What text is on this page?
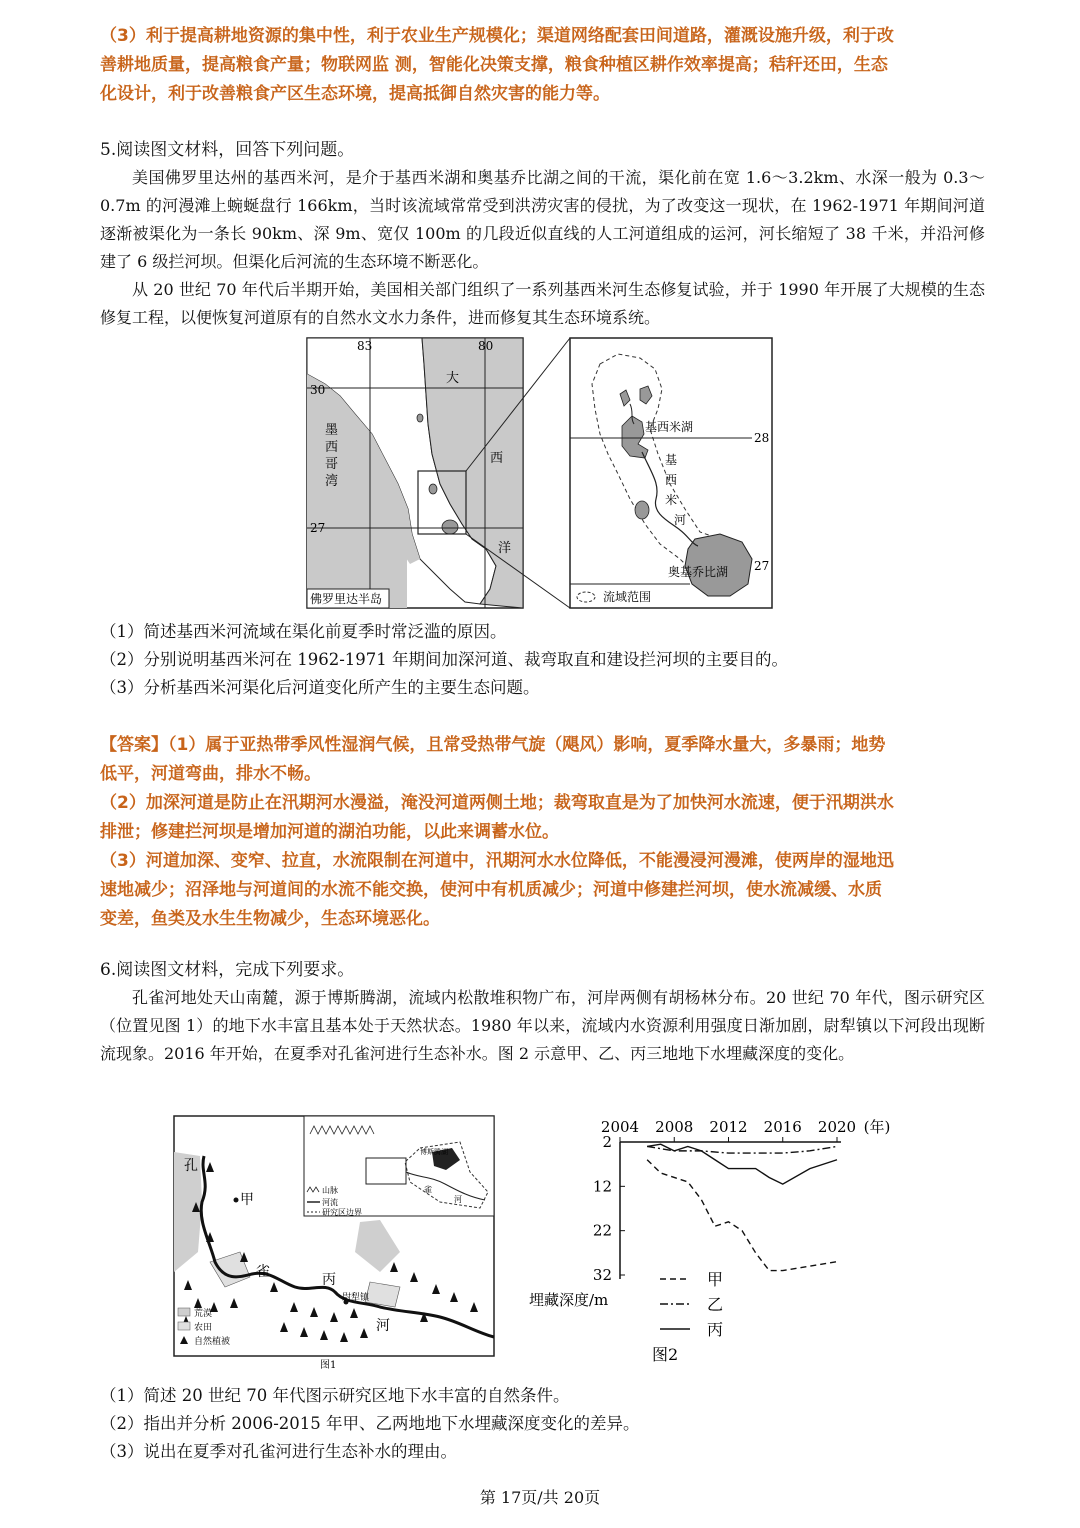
（3）利于提高耕地资源的集中性，利于农业生产规模化；渠道网络配套田间道路，灌溉设施升级，利于改

善耕地质量，提高粮食产量；物联网监 测，智能化决策支撑，粮食种植区耕作效率提高；秸秆还田，生态

化设计，利于改善粮食产区生态环境，提高抵御自然灾害的能力等。

5.阅读图文材料，回答下列问题。

美国佛罗里达州的基西米河，是介于基西米湖和奥基乔比湖之间的干流，渠化前在宽 1.6～3.2km、水深一般为 0.3～0.7m 的河漫滩上蜿蜒盘行 166km，当时该流域常常受到洪涝灾害的侵扰，为了改变这一现状，在 1962-1971 年期间河道逐渐被渠化为一条长 90km、深 9m、宽仅 100m 的几段近似直线的人工河道组成的运河，河长缩短了 38 千米，并沿河修建了 6 级拦河坝。但渠化后河流的生态环境不断恶化。

从 20 世纪 70 年代后半期开始，美国相关部门组织了一系列基西米河生态修复试验，并于 1990 年开展了大规模的生态修复工程，以便恢复河道原有的自然水文水力条件，进而修复其生态环境系统。

83	80
30
27
墨
西
哥
湾
大
西
洋
佛罗里达半岛
28
27
基西米湖
基
西
米
河
奥基乔比湖
流域范围

（1）简述基西米河流域在渠化前夏季时常泛滥的原因。

（2）分别说明基西米河在 1962-1971 年期间加深河道、裁弯取直和建设拦河坝的主要目的。

（3）分析基西米河渠化后河道变化所产生的主要生态问题。

【答案】（1）属于亚热带季风性湿润气候，且常受热带气旋（飓风）影响，夏季降水量大，多暴雨；地势

低平，河道弯曲，排水不畅。

（2）加深河道是防止在汛期河水漫溢，淹没河道两侧土地；裁弯取直是为了加快河水流速，便于汛期洪水

排泄；修建拦河坝是增加河道的湖泊功能，以此来调蓄水位。

（3）河道加深、变窄、拉直，水流限制在河道中，汛期河水水位降低，不能漫浸河漫滩，使两岸的湿地迅

速地减少；沼泽地与河道间的水流不能交换，使河中有机质减少；河道中修建拦河坝，使水流减缓、水质

变差，鱼类及水生生物减少，生态环境恶化。

6.阅读图文材料，完成下列要求。

孔雀河地处天山南麓，源于博斯腾湖，流域内松散堆积物广布，河岸两侧有胡杨林分布。20 世纪 70 年代，图示研究区（位置见图 1）的地下水丰富且基本处于天然状态。1980 年以来，流域内水资源利用强度日渐加剧，尉犁镇以下河段出现断流现象。2016 年开始，在夏季对孔雀河进行生态补水。图 2 示意甲、乙、丙三地地下水埋藏深度的变化。

博斯腾湖
雀
河
山脉
河流
研究区边界
孔
甲
雀	丙
尉犁镇
河
荒漠
农田
自然植被
图1
2004 2008 2012 2016 2020 (年)
2
12
22
32
埋藏深度/m
甲
乙
丙
图2

（1）简述 20 世纪 70 年代图示研究区地下水丰富的自然条件。

（2）指出并分析 2006-2015 年甲、乙两地地下水埋藏深度变化的差异。

（3）说出在夏季对孔雀河进行生态补水的理由。

第 17页/共 20页
